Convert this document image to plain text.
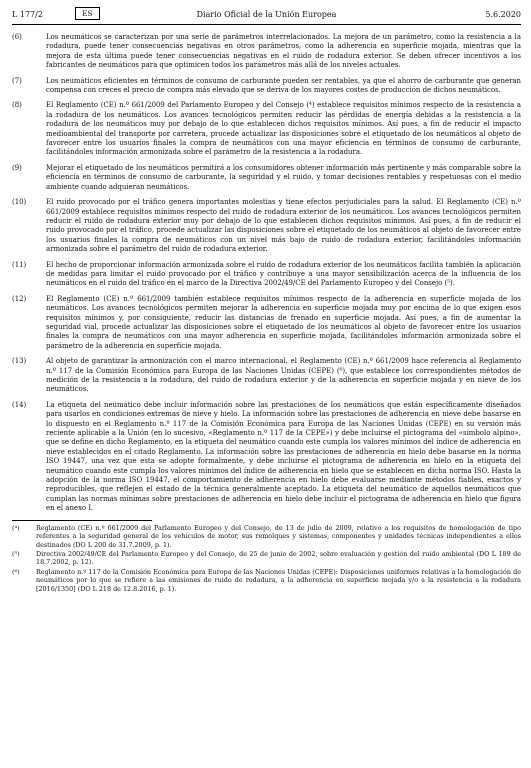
L 177/2	ES	Diario Oficial de la Unión Europea	5.6.2020
(6)	Los neumáticos se caracterizan por una serie de parámetros interrelacionados. La mejora de un parámetro, como la resistencia a la rodadura, puede tener consecuencias negativas en otros parámetros, como la adherencia en superficie mojada, mientras que la mejora de esta última puede tener consecuencias negativas en el ruido de rodadura exterior. Se deben ofrecer incentivos a los fabricantes de neumáticos para que optimicen todos los parámetros más allá de los niveles actuales.
(7)	Los neumáticos eficientes en términos de consumo de carburante pueden ser rentables, ya que el ahorro de carburante que generan compensa con creces el precio de compra más elevado que se deriva de los mayores costes de producción de dichos neumáticos.
(8)	El Reglamento (CE) n.º 661/2009 del Parlamento Europeo y del Consejo (⁴) establece requisitos mínimos respecto de la resistencia a la rodadura de los neumáticos. Los avances tecnológicos permiten reducir las pérdidas de energía debidas a la resistencia a la rodadura de los neumáticos muy por debajo de lo que establecen dichos requisitos mínimos. Así pues, a fin de reducir el impacto medioambiental del transporte por carretera, procede actualizar las disposiciones sobre el etiquetado de los neumáticos al objeto de favorecer entre los usuarios finales la compra de neumáticos con una mayor eficiencia en términos de consumo de carburante, facilitándoles información armonizada sobre el parámetro de la resistencia a la rodadura.
(9)	Mejorar el etiquetado de los neumáticos permitirá a los consumidores obtener información más pertinente y más comparable sobre la eficiencia en términos de consumo de carburante, la seguridad y el ruido, y tomar decisiones rentables y respetuosas con el medio ambiente cuando adquieran neumáticos.
(10)	El ruido provocado por el tráfico genera importantes molestias y tiene efectos perjudiciales para la salud. El Reglamento (CE) n.º 661/2009 establece requisitos mínimos respecto del ruido de rodadura exterior de los neumáticos. Los avances tecnológicos permiten reducir el ruido de rodadura exterior muy por debajo de lo que establecen dichos requisitos mínimos. Así pues, a fin de reducir el ruido provocado por el tráfico, procede actualizar las disposiciones sobre el etiquetado de los neumáticos al objeto de favorecer entre los usuarios finales la compra de neumáticos con un nivel más bajo de ruido de rodadura exterior, facilitándoles información armonizada sobre el parámetro del ruido de rodadura exterior.
(11)	El hecho de proporcionar información armonizada sobre el ruido de rodadura exterior de los neumáticos facilita también la aplicación de medidas para limitar el ruido provocado por el tráfico y contribuye a una mayor sensibilización acerca de la influencia de los neumáticos en el ruido del tráfico en el marco de la Directiva 2002/49/CE del Parlamento Europeo y del Consejo (⁵).
(12)	El Reglamento (CE) n.º 661/2009 también establece requisitos mínimos respecto de la adherencia en superficie mojada de los neumáticos. Los avances tecnológicos permiten mejorar la adherencia en superficie mojada muy por encima de lo que exigen esos requisitos mínimos y, por consiguiente, reducir las distancias de frenado en superficie mojada. Así pues, a fin de aumentar la seguridad vial, procede actualizar las disposiciones sobre el etiquetado de los neumáticos al objeto de favorecer entre los usuarios finales la compra de neumáticos con una mayor adherencia en superficie mojada, facilitándoles información armonizada sobre el parámetro de la adherencia en superficie mojada.
(13)	Al objeto de garantizar la armonización con el marco internacional, el Reglamento (CE) n.º 661/2009 hace referencia al Reglamento n.º 117 de la Comisión Económica para Europa de las Naciones Unidas (CEPE) (⁶), que establece los correspondientes métodos de medición de la resistencia a la rodadura, del ruido de rodadura exterior y de la adherencia en superficie mojada y en nieve de los neumáticos.
(14)	La etiqueta del neumático debe incluir información sobre las prestaciones de los neumáticos que están específicamente diseñados para usarlos en condiciones extremas de nieve y hielo. La información sobre las prestaciones de adherencia en nieve debe basarse en lo dispuesto en el Reglamento n.º 117 de la Comisión Económica para Europa de las Naciones Unidas (CEPE) en su versión más reciente aplicable a la Unión (en lo sucesivo, «Reglamento n.º 117 de la CEPE») y debe incluirse el pictograma del «símbolo alpino», que se define en dicho Reglamento, en la etiqueta del neumático cuando este cumpla los valores mínimos del índice de adherencia en nieve establecidos en el citado Reglamento. La información sobre las prestaciones de adherencia en hielo debe basarse en la norma ISO 19447, una vez que esta se adopte formalmente, y debe incluirse el pictograma de adherencia en hielo en la etiqueta del neumático cuando este cumpla los valores mínimos del índice de adherencia en hielo que se establecen en dicha norma ISO. Hasta la adopción de la norma ISO 19447, el comportamiento de adherencia en hielo debe evaluarse mediante métodos fiables, exactos y reproducibles, que reflejen el estado de la técnica generalmente aceptado. La etiqueta del neumático de aquellos neumáticos que cumplan las normas mínimas sobre prestaciones de adherencia en hielo debe incluir el pictograma de adherencia en hielo que figura en el anexo I.
(⁴)	Reglamento (CE) n.º 661/2009 del Parlamento Europeo y del Consejo, de 13 de julio de 2009, relativo a los requisitos de homologación de tipo referentes a la seguridad general de los vehículos de motor, sus remolques y sistemas, componentes y unidades técnicas independientes a ellos destinados (DO L 200 de 31.7.2009, p. 1).
(⁵)	Directiva 2002/49/CE del Parlamento Europeo y del Consejo, de 25 de junio de 2002, sobre evaluación y gestión del ruido ambiental (DO L 189 de 18.7.2002, p. 12).
(⁶)	Reglamento n.º 117 de la Comisión Económica para Europa de las Naciones Unidas (CEPE): Disposiciones uniformes relativas a la homologación de neumáticos por lo que se refiere a las emisiones de ruido de rodadura, a la adherencia en superficie mojada y/o a la resistencia a la rodadura [2016/1350] (DO L 218 de 12.8.2016, p. 1).
